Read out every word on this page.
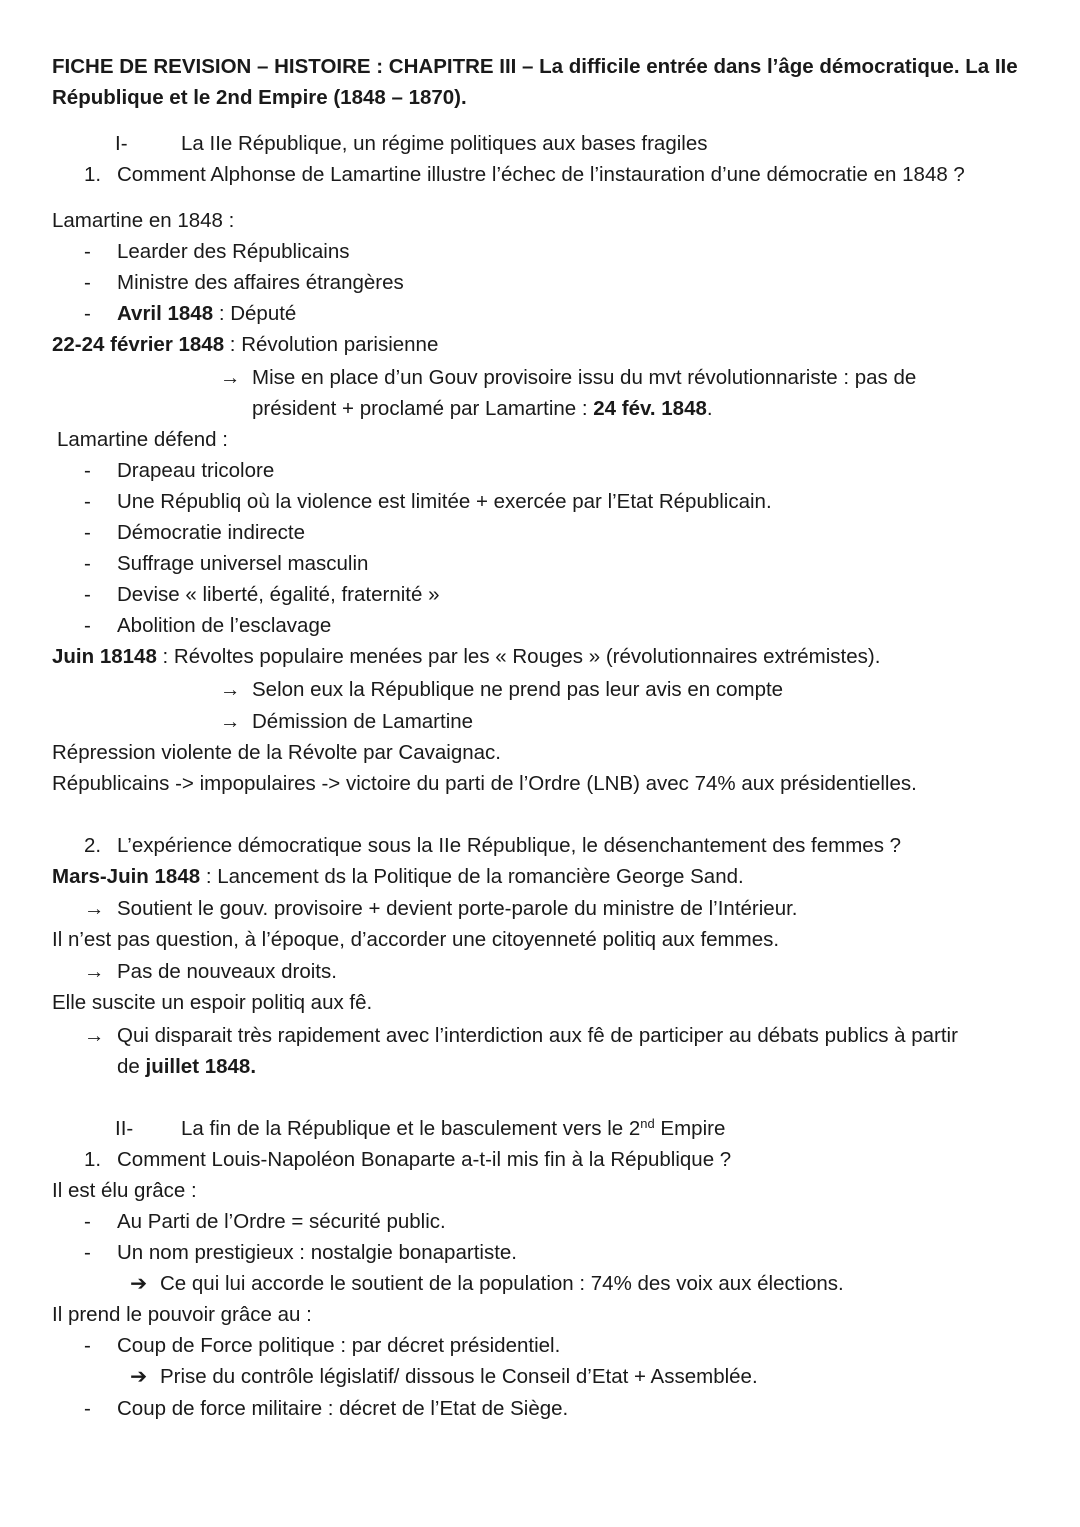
FICHE DE REVISION – HISTOIRE : CHAPITRE III – La difficile entrée dans l’âge démocratique. La IIe
République et le 2nd Empire (1848 – 1870).
I-	La IIe République, un régime politiques aux bases fragiles
1. Comment Alphonse de Lamartine illustre l’échec de l’instauration d’une démocratie en 1848 ?
Lamartine en 1848 :
- Learder des Républicains
- Ministre des affaires étrangères
- Avril 1848 : Député
22-24 février 1848 : Révolution parisienne
→ Mise en place d’un Gouv provisoire issu du mvt révolutionnariste : pas de
président + proclamé par Lamartine : 24 fév. 1848.
Lamartine défend :
- Drapeau tricolore
- Une Républiq où la violence est limitée + exercée par l’Etat Républicain.
- Démocratie indirecte
- Suffrage universel masculin
- Devise « liberté, égalité, fraternité »
- Abolition de l’esclavage
Juin 18148 : Révoltes populaire menées par les « Rouges » (révolutionnaires extrémistes).
→ Selon eux la République ne prend pas leur avis en compte
→ Démission de Lamartine
Répression violente de la Révolte par Cavaignac.
Républicains -> impopulaires -> victoire du parti de l’Ordre (LNB) avec 74% aux présidentielles.
2. L’expérience démocratique sous la IIe République, le désenchantement des femmes ?
Mars-Juin 1848 : Lancement ds la Politique de la romancière George Sand.
→ Soutient le gouv. provisoire + devient porte-parole du ministre de l’Intérieur.
Il n’est pas question, à l’époque, d’accorder une citoyenneté politiq aux femmes.
→ Pas de nouveaux droits.
Elle suscite un espoir politiq aux fê.
→ Qui disparait très rapidement avec l’interdiction aux fê de participer au débats publics à partir
de juillet 1848.
II- La fin de la République et le basculement vers le 2nd Empire
1. Comment Louis-Napoléon Bonaparte a-t-il mis fin à la République ?
Il est élu grâce :
- Au Parti de l’Ordre = sécurité public.
- Un nom prestigieux : nostalgie bonapartiste.
➔ Ce qui lui accorde le soutient de la population : 74% des voix aux élections.
Il prend le pouvoir grâce au :
- Coup de Force politique : par décret présidentiel.
➔ Prise du contrôle législatif/ dissous le Conseil d’Etat + Assemblée.
- Coup de force militaire : décret de l’Etat de Siège.
